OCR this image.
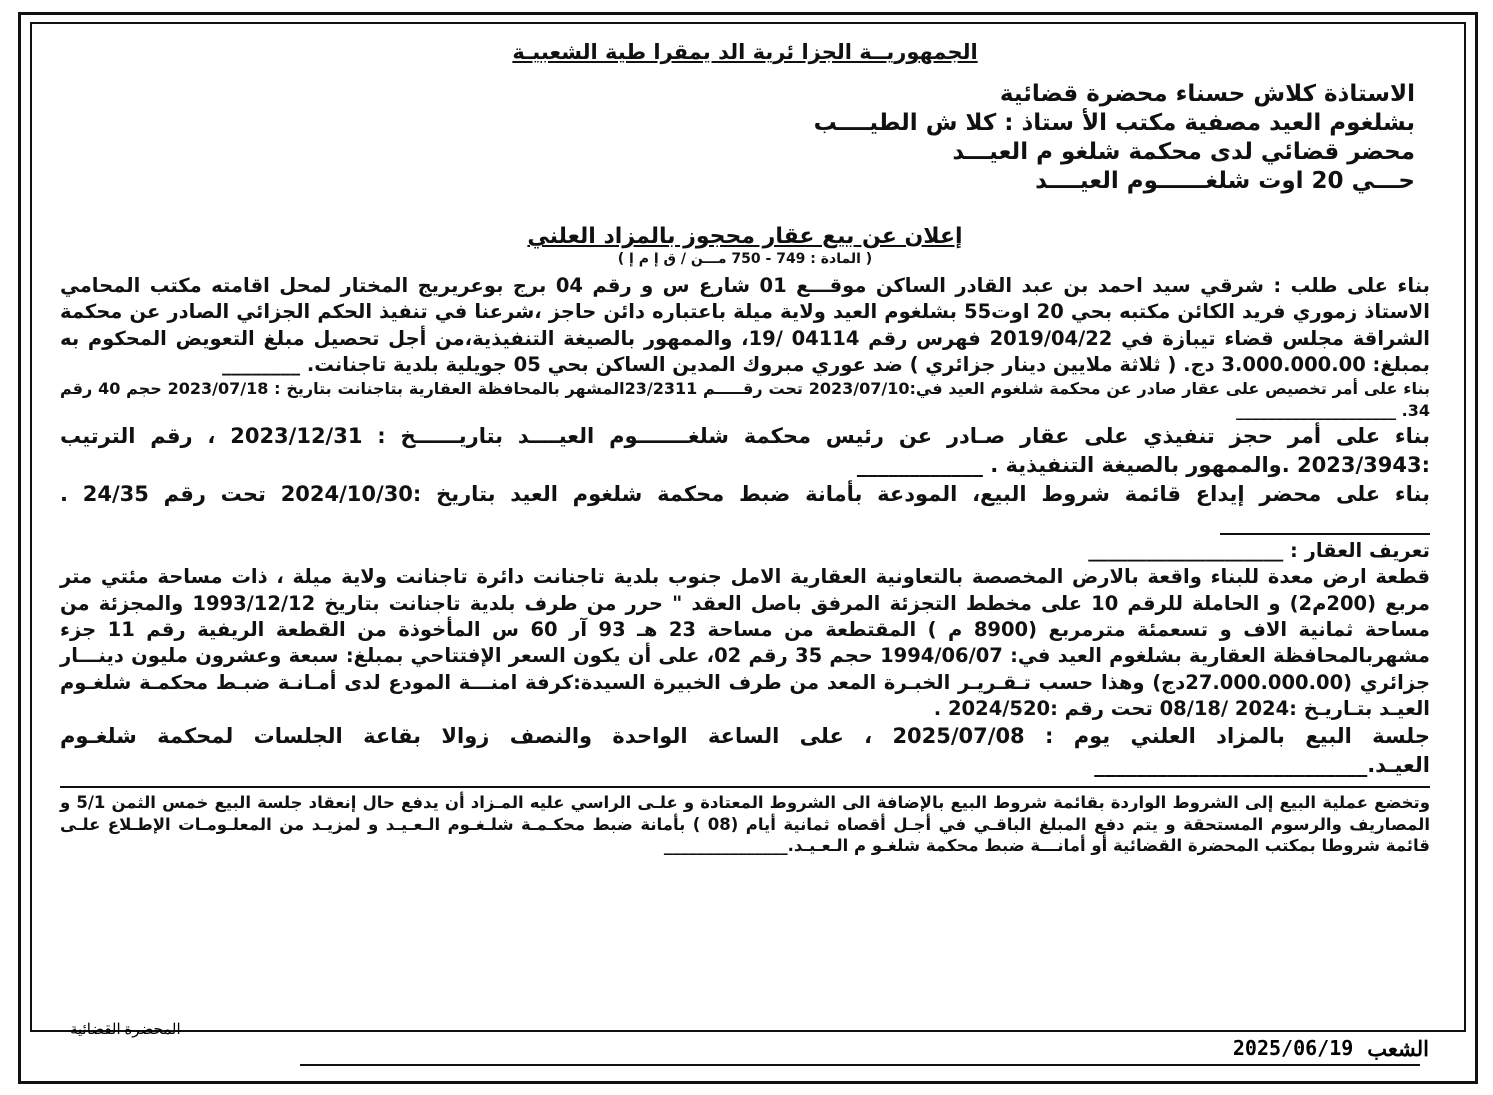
الجمهوريــة الجزا ئرية الد يمقرا طية الشعبيـة
الاستاذة كلاش حسناء محضرة قضائية
بشلغوم العيد مصفية مكتب الأ ستاذ : كلا ش الطيــــب
محضر قضائي لدى محكمة شلغو م العيـــد
حـــي 20 اوت شلغــــــوم العيــــد
إعلان عن بيع عقار محجوز بالمزاد العلني
( المادة : 749 - 750 مـــن / ق إ م إ )

بناء على طلب : شرقي سيد احمد بن عبد القادر الساكن موقـــع 01 شارع س و رقم 04 برج بوعريريج المختار لمحل اقامته مكتب المحامي الاستاذ زموري فريد الكائن مكتبه بحي 20 اوت55 بشلغوم العيد ولاية ميلة باعتباره دائن حاجز ،شرعنا في تنفيذ الحكم الجزائي الصادر عن محكمة الشراقة مجلس قضاء تيبازة في 2019/04/22 فهرس رقم 04114 /19، والممهور بالصيغة التنفيذية،من أجل تحصيل مبلغ التعويض المحكوم به بمبلغ: 3.000.000.00 دج. ( ثلاثة ملايين دينار جزائري ) ضد عوري مبروك المدين الساكن بحي 05 جويلية بلدية تاجنانت. ________

بناء على أمر تخصيص على عقار صادر عن محكمة شلغوم العيد في:2023/07/10 تحت رقـــــم 23/2311المشهر بالمحافظة العقارية بتاجنانت بتاريخ : 2023/07/18 حجم 40 رقم 34. ____________________

بناء على أمر حجز تنفيذي على عقار صـادر عن رئيس محكمة شلغـــــــوم العيــــد بتاريــــــخ : 2023/12/31 ، رقم الترتيب :2023/3943 .والممهور بالصيغة التنفيذية . ____________

بناء على محضر إيداع قائمة شروط البيع، المودعة بأمانة ضبط محكمة شلغوم العيد بتاريخ :2024/10/30 تحت رقم 24/35 . ____________________

تعريف العقار : ____________________

قطعة ارض معدة للبناء واقعة بالارض المخصصة بالتعاونية العقارية الامل جنوب بلدية تاجنانت دائرة تاجنانت ولاية ميلة ، ذات مساحة مئتي متر مربع (200م2) و الحاملة للرقم 10 على مخطط التجزئة المرفق باصل العقد " حرر من طرف بلدية تاجنانت بتاريخ 1993/12/12 والمجزئة من مساحة ثمانية الاف و تسعمئة مترمربع (8900 م ) المقتطعة من مساحة 23 هـ 93 آر 60 س المأخوذة من القطعة الريفية رقم 11 جزء مشهربالمحافظة العقارية بشلغوم العيد في: 1994/06/07 حجم 35 رقم 02، على أن يكون السعر الإفتتاحي بمبلغ: سبعة وعشرون مليون دينـــار جزائري (27.000.000.00دج) وهذا حسب تـقـريـر الخبـرة المعد من طرف الخبيرة السيدة:كرفة امنـــة المودع لدى أمـانـة ضبـط محكمـة شلغـوم العيـد بتـاريـخ :2024 /08/18 تحت رقم :2024/520 .

جلسة البيع بالمزاد العلني يوم : 2025/07/08 ، على الساعة الواحدة والنصف زوالا بقاعة الجلسات لمحكمة شلغـوم العيـد.__________________________

وتخضع عملية البيع إلى الشروط الواردة بقائمة شروط البيع بالإضافة الى الشروط المعتادة و علـى الراسي عليه المـزاد أن يدفع حال إنعقاد جلسة البيع خمس الثمن 5/1 و المصاريف والرسوم المستحقة و يتم دفع المبلغ الباقـي في أجـل أقصاه ثمانية أيام (08 ) بأمانة ضبط محكـمـة شلـغـوم الـعـيـد و لمزيـد من المعلـومـات الإطـلاع علـى قائمة شروطا بمكتب المحضرة القضائية أو أمانـــة ضبط محكمة شلغـو م الـعـيـد._______________

المحضرة القضائية
الشعب
2025/06/19
